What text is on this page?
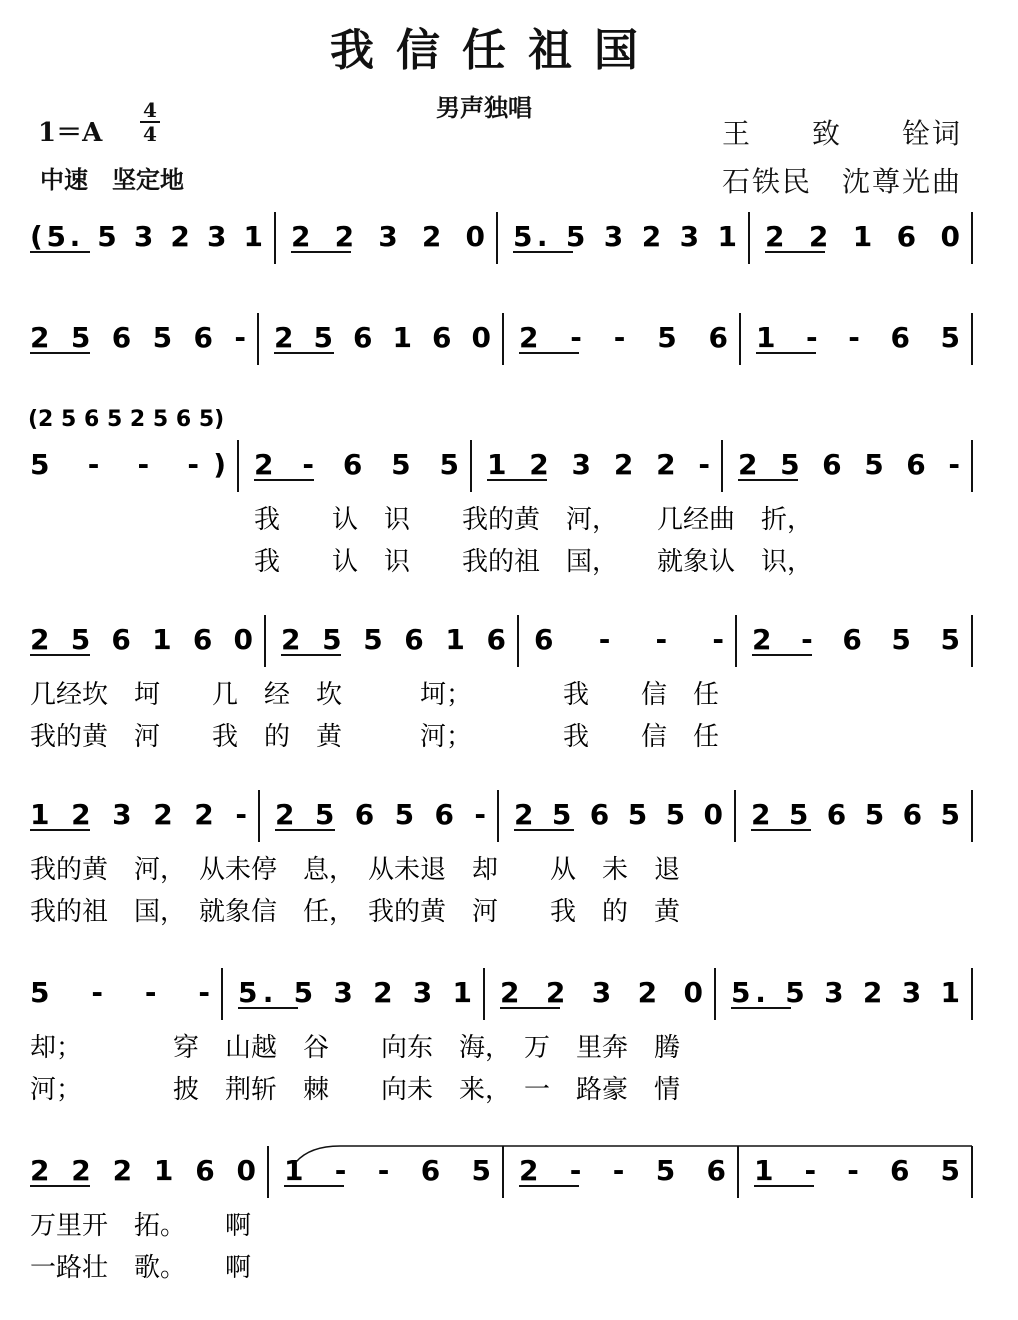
我信任祖国
男声独唱
1＝A
4
4
中速　坚定地
王　　致　　铨词
石铁民　沈尊光曲
(5. 5 3 2 3 1 2 2 3 2 0 5. 5 3 2 3 1 2 2 1 6 0
2 5 6 5 6 - 2 5 6 1 6 0 2 - - 5 6 1 - - 6 5
(2 5 6 5 2 5 6 5)
5 - - -) 2 - 6 5 5 1 2 3 2 2 - 2 5 6 5 6 -
我　　认　识　　我的黄　河，　　几经曲　折，
我　　认　识　　我的祖　国，　　就象认　识，
2 5 6 1 6 0 2 5 5 6 1 6 6 - - - 2 - 6 5 5
几经坎　坷　　几　经　坎　　　坷；　　　　我　　信　任
我的黄　河　　我　的　黄　　　河；　　　　我　　信　任
1 2 3 2 2 - 2 5 6 5 6 - 2 5 6 5 5 0 2 5 6 5 6 5
我的黄　河，　从未停　息，　从未退　却　　从　未　退
我的祖　国，　就象信　任，　我的黄　河　　我　的　黄
5 - - - 5. 5 3 2 3 1 2 2 3 2 0 5. 5 3 2 3 1
却；　　　　穿　山越　谷　　向东　海，　万　里奔　腾
河；　　　　披　荆斩　棘　　向未　来，　一　路豪　情
2 2 2 1 6 0 1 - - 6 5 2 - - 5 6 1 - - 6 5
万里开　拓。　　啊
一路壮　歌。　　啊
